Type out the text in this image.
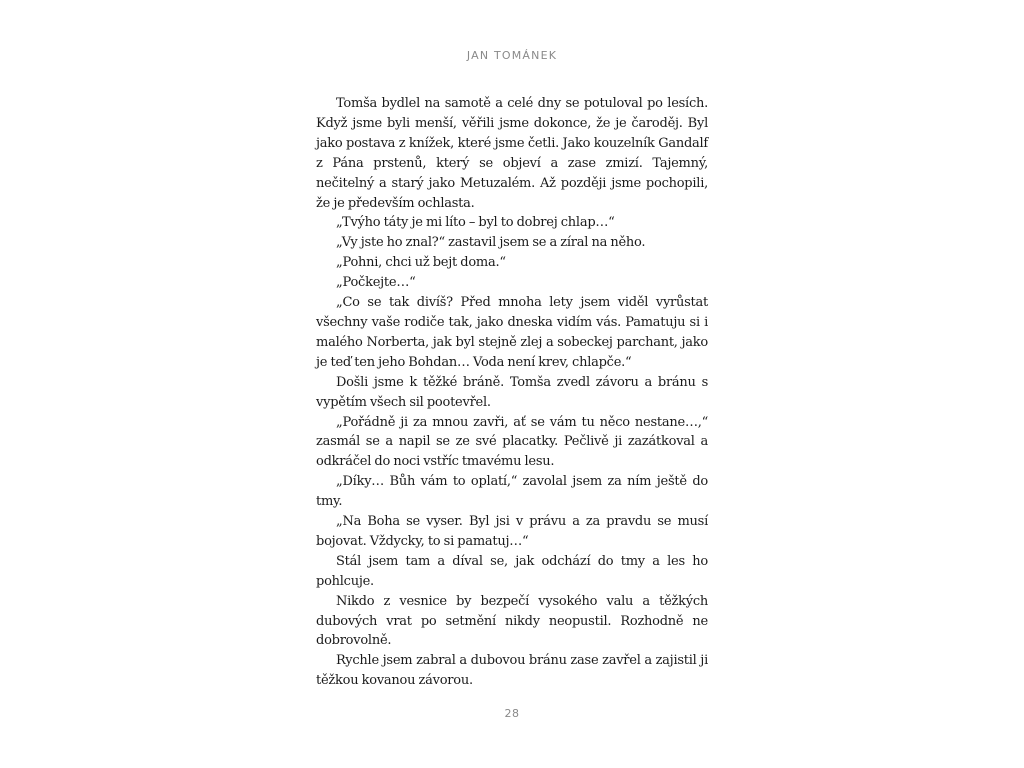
JAN TOMÁNEK

Tomša bydlel na samotě a celé dny se potuloval po lesích. Když jsme byli menší, věřili jsme dokonce, že je čaroděj. Byl jako postava z knížek, které jsme četli. Jako kouzelník Gandalf z Pána prstenů, který se objeví a zase zmizí. Tajemný, nečitelný a starý jako Metuzalém. Až později jsme pochopili, že je především ochlasta.

„Tvýho táty je mi líto – byl to dobrej chlap…“

„Vy jste ho znal?“ zastavil jsem se a zíral na něho.

„Pohni, chci už bejt doma.“

„Počkejte…“

„Co se tak divíš? Před mnoha lety jsem viděl vyrůstat všechny vaše rodiče tak, jako dneska vidím vás. Pamatuju si i malého Norberta, jak byl stejně zlej a sobeckej parchant, jako je teď ten jeho Bohdan… Voda není krev, chlapče.“

Došli jsme k těžké bráně. Tomša zvedl závoru a bránu s vypětím všech sil pootevřel.

„Pořádně ji za mnou zavři, ať se vám tu něco nestane…,“ zasmál se a napil se ze své placatky. Pečlivě ji zazátkoval a odkráčel do noci vstříc tmavému lesu.

„Díky… Bůh vám to oplatí,“ zavolal jsem za ním ještě do tmy.

„Na Boha se vyser. Byl jsi v právu a za pravdu se musí bojovat. Vždycky, to si pamatuj…“

Stál jsem tam a díval se, jak odchází do tmy a les ho pohlcuje.

Nikdo z vesnice by bezpečí vysokého valu a těžkých dubových vrat po setmění nikdy neopustil. Rozhodně ne dobrovolně.

Rychle jsem zabral a dubovou bránu zase zavřel a zajistil ji těžkou kovanou závorou.

28
